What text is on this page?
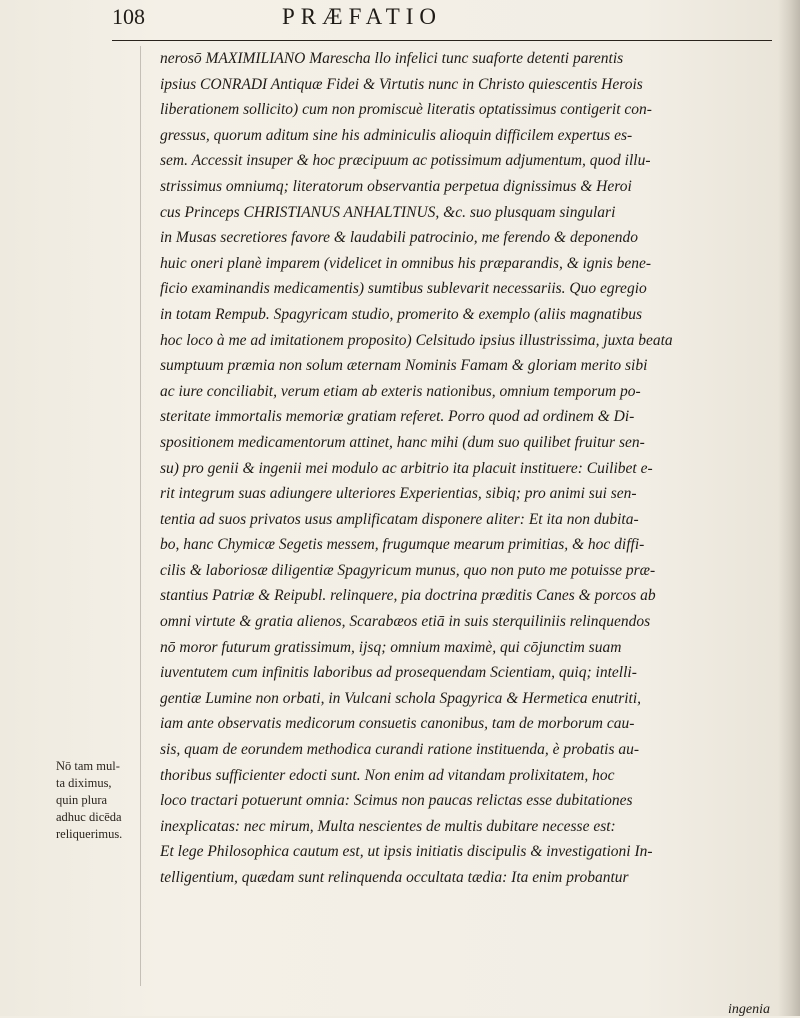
108	PRÆFATIO
nerosō MAXIMILIANO Marescha llo infelici tunc suaforte detenti parentis
ipsius CONRADI Antiquæ Fidei & Virtutis nunc in Christo quiescentis Herois
liberationem sollicito) cum non promiscuè literatis optatissimus contigerit con-
gressus, quorum aditum sine his adminiculis alioquin difficilem expertus es-
sem. Accessit insuper & hoc præcipuum ac potissimum adjumentum, quod illu-
strissimus omniumq; literatorum observantia perpetua dignissimus & Heroi
cus Princeps CHRISTIANUS ANHALTINUS, &c. suo plusquam singulari
in Musas secretiores favore & laudabili patrocinio, me ferendo & deponendo
huic oneri planè imparem (videlicet in omnibus his præparandis, & ignis bene-
ficio examinandis medicamentis) sumtibus sublevarit necessariis. Quo egregio
in totam Rempub. Spagyricam studio, promerito & exemplo (aliis magnatibus
hoc loco à me ad imitationem proposito) Celsitudo ipsius illustrissima, juxta beata
sumptuum præmia non solum æternam Nominis Famam & gloriam merito sibi
ac iure conciliabit, verum etiam ab exteris nationibus, omnium temporum po-
steritate immortalis memoriæ gratiam referet. Porro quod ad ordinem & Di-
spositionem medicamentorum attinet, hanc mihi (dum suo quilibet fruitur sen-
su) pro genii & ingenii mei modulo ac arbitrio ita placuit instituere: Cuilibet e-
rit integrum suas adiungere ulteriores Experientias, sibiq; pro animi sui sen-
tentia ad suos privatos usus amplificatam disponere aliter: Et ita non dubita-
bo, hanc Chymicæ Segetis messem, frugumque mearum primitias, & hoc diffi-
cilis & laboriosæ diligentiæ Spagyricum munus, quo non puto me potuisse præ-
stantius Patriæ & Reipubl. relinquere, pia doctrina præditis Canes & porcos ab
omni virtute & gratia alienos, Scarabæos etiā in suis sterquiliniis relinquendos
nō moror futurum gratissimum, ijsq; omnium maximè, qui cōjunctim suam
iuventutem cum infinitis laboribus ad prosequendam Scientiam, quiq; intelli-
gentiæ Lumine non orbati, in Vulcani schola Spagyrica & Hermetica enutriti,
iam ante observatis medicorum consuetis canonibus, tam de morborum cau-
sis, quam de eorundem methodica curandi ratione instituenda, è probatis au-
thoribus sufficienter edocti sunt. Non enim ad vitandam prolixitatem, hoc
loco tractari potuerunt omnia: Scimus non paucas relictas esse dubitationes
inexplicatas: nec mirum, Multa nescientes de multis dubitare necesse est:
Et lege Philosophica cautum est, ut ipsis initiatis discipulis & investigationi In-
telligentium, quædam sunt relinquenda occultata tædia: Ita enim probantur
Nō tam mul-
ta diximus,
quin plura
adhuc dicēda
reliquerimus.
ingenia
